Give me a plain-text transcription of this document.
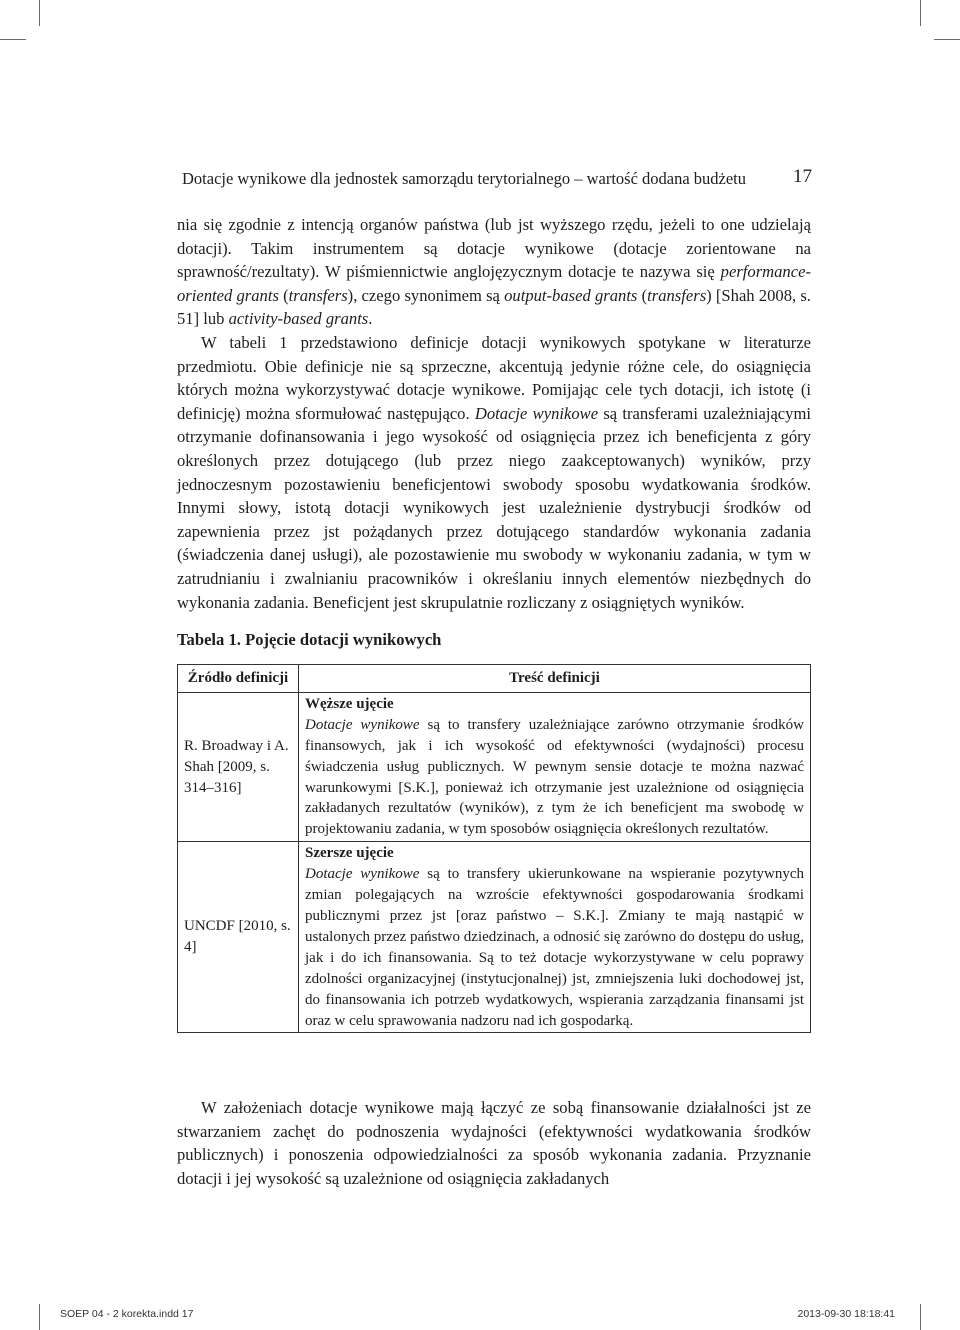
Dotacje wynikowe dla jednostek samorządu terytorialnego – wartość dodana budżetu 17

nia się zgodnie z intencją organów państwa (lub jst wyższego rzędu, jeżeli to one udzielają dotacji). Takim instrumentem są dotacje wynikowe (dotacje zorientowane na sprawność/rezultaty). W piśmiennictwie anglojęzycznym dotacje te nazywa się performance-oriented grants (transfers), czego synonimem są output-based grants (transfers) [Shah 2008, s. 51] lub activity-based grants.

W tabeli 1 przedstawiono definicje dotacji wynikowych spotykane w literaturze przedmiotu. Obie definicje nie są sprzeczne, akcentują jedynie różne cele, do osiągnięcia których można wykorzystywać dotacje wynikowe. Pomijając cele tych dotacji, ich istotę (i definicję) można sformułować następująco. Dotacje wynikowe są transferami uzależniającymi otrzymanie dofinansowania i jego wysokość od osiągnięcia przez ich beneficjenta z góry określonych przez dotującego (lub przez niego zaakceptowanych) wyników, przy jednoczesnym pozostawieniu beneficjentowi swobody sposobu wydatkowania środków. Innymi słowy, istotą dotacji wynikowych jest uzależnienie dystrybucji środków od zapewnienia przez jst pożądanych przez dotującego standardów wykonania zadania (świadczenia danej usługi), ale pozostawienie mu swobody w wykonaniu zadania, w tym w zatrudnianiu i zwalnianiu pracowników i określaniu innych elementów niezbędnych do wykonania zadania. Beneficjent jest skrupulatnie rozliczany z osiągniętych wyników.

Tabela 1. Pojęcie dotacji wynikowych
Źródło definicji	Treść definicji
R. Broadway i A. Shah [2009, s. 314–316]	Węższe ujęcie
Dotacje wynikowe są to transfery uzależniające zarówno otrzymanie środków finansowych, jak i ich wysokość od efektywności (wydajności) procesu świadczenia usług publicznych. W pewnym sensie dotacje te można nazwać warunkowymi [S.K.], ponieważ ich otrzymanie jest uzależnione od osiągnięcia zakładanych rezultatów (wyników), z tym że ich beneficjent ma swobodę w projektowaniu zadania, w tym sposobów osiągnięcia określonych rezultatów.

UNCDF [2010, s. 4]	Szersze ujęcie
Dotacje wynikowe są to transfery ukierunkowane na wspieranie pozytywnych zmian polegających na wzroście efektywności gospodarowania środkami publicznymi przez jst [oraz państwo – S.K.]. Zmiany te mają nastąpić w ustalonych przez państwo dziedzinach, a odnosić się zarówno do dostępu do usług, jak i do ich finansowania. Są to też dotacje wykorzystywane w celu poprawy zdolności organizacyjnej (instytucjonalnej) jst, zmniejszenia luki dochodowej jst, do finansowania ich potrzeb wydatkowych, wspierania zarządzania finansami jst oraz w celu sprawowania nadzoru nad ich gospodarką.
W założeniach dotacje wynikowe mają łączyć ze sobą finansowanie działalności jst ze stwarzaniem zachęt do podnoszenia wydajności (efektywności wydatkowania środków publicznych) i ponoszenia odpowiedzialności za sposób wykonania zadania. Przyznanie dotacji i jej wysokość są uzależnione od osiągnięcia zakładanych
SOEP 04 - 2 korekta.indd 17	2013-09-30 18:18:41
